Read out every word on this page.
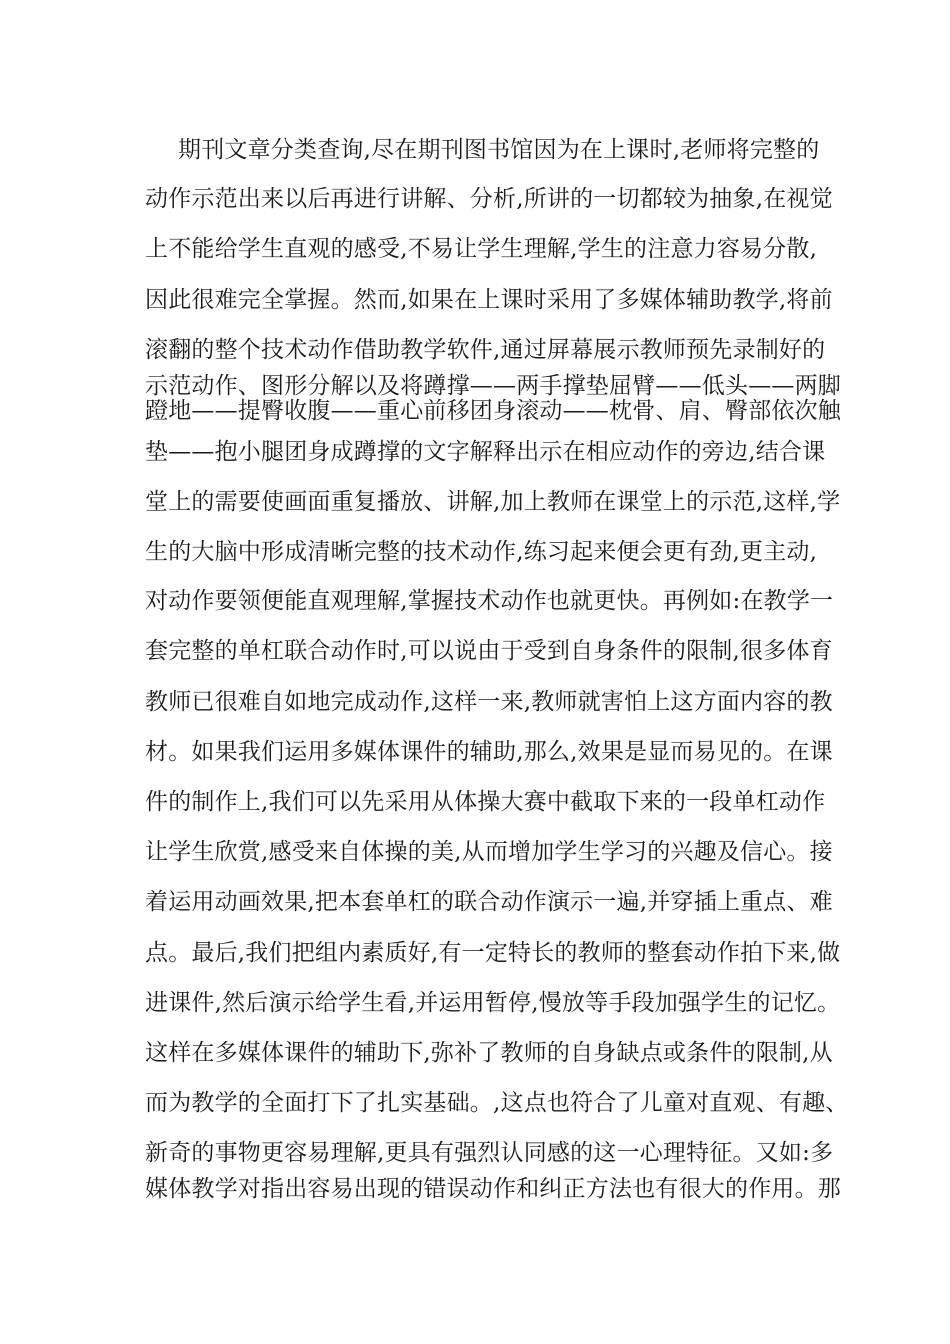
期刊文章分类查询,尽在期刊图书馆因为在上课时,老师将完整的
动作示范出来以后再进行讲解、分析,所讲的一切都较为抽象,在视觉
上不能给学生直观的感受,不易让学生理解,学生的注意力容易分散,
因此很难完全掌握。然而,如果在上课时采用了多媒体辅助教学,将前
滚翻的整个技术动作借助教学软件,通过屏幕展示教师预先录制好的
示范动作、图形分解以及将蹲撑——两手撑垫屈臂——低头——两脚
蹬地——提臀收腹——重心前移团身滚动——枕骨、肩、臀部依次触
垫——抱小腿团身成蹲撑的文字解释出示在相应动作的旁边,结合课
堂上的需要使画面重复播放、讲解,加上教师在课堂上的示范,这样,学
生的大脑中形成清晰完整的技术动作,练习起来便会更有劲,更主动,
对动作要领便能直观理解,掌握技术动作也就更快。再例如:在教学一
套完整的单杠联合动作时,可以说由于受到自身条件的限制,很多体育
教师已很难自如地完成动作,这样一来,教师就害怕上这方面内容的教
材。如果我们运用多媒体课件的辅助,那么,效果是显而易见的。在课
件的制作上,我们可以先采用从体操大赛中截取下来的一段单杠动作
让学生欣赏,感受来自体操的美,从而增加学生学习的兴趣及信心。接
着运用动画效果,把本套单杠的联合动作演示一遍,并穿插上重点、难
点。最后,我们把组内素质好,有一定特长的教师的整套动作拍下来,做
进课件,然后演示给学生看,并运用暂停,慢放等手段加强学生的记忆。
这样在多媒体课件的辅助下,弥补了教师的自身缺点或条件的限制,从
而为教学的全面打下了扎实基础。,这点也符合了儿童对直观、有趣、
新奇的事物更容易理解,更具有强烈认同感的这一心理特征。又如:多
媒体教学对指出容易出现的错误动作和纠正方法也有很大的作用。那
